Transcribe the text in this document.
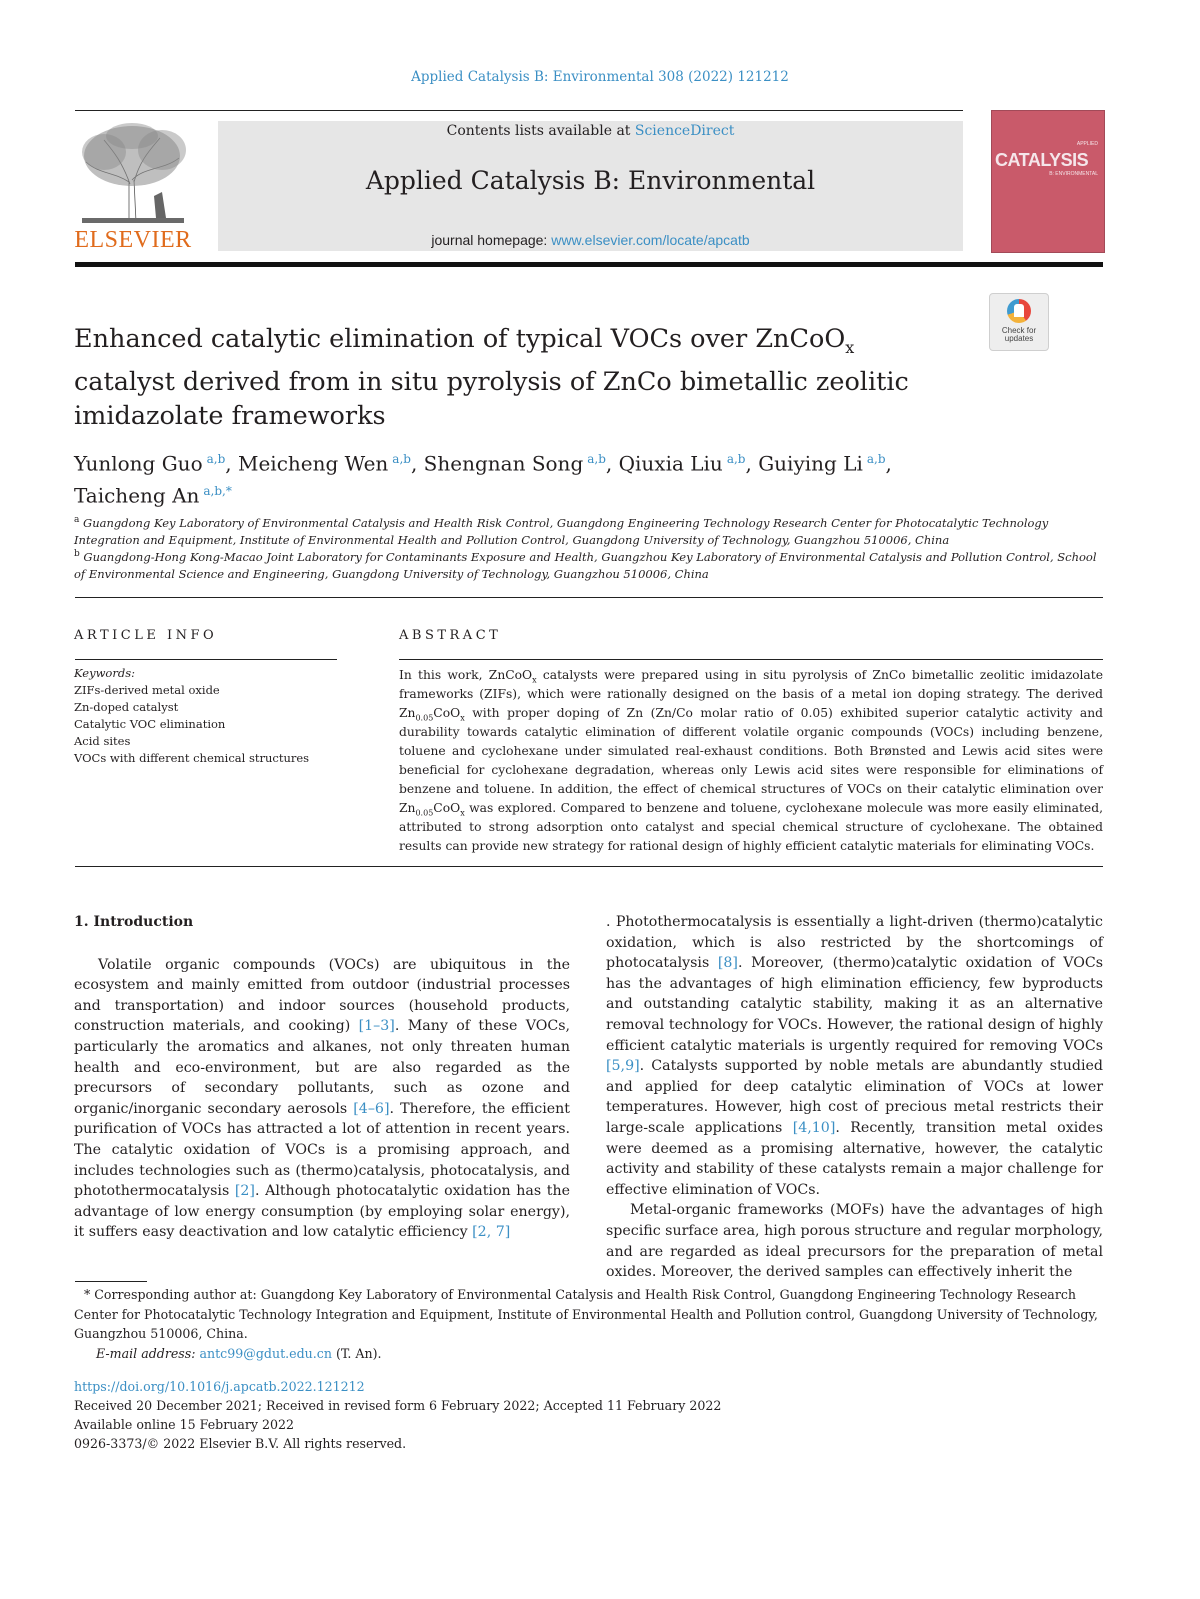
Applied Catalysis B: Environmental 308 (2022) 121212
ELSEVIER
Contents lists available at ScienceDirect
Applied Catalysis B: Environmental
journal homepage: www.elsevier.com/locate/apcatb
APPLIED
CATALYSIS
B: ENVIRONMENTAL
Check for
updates
Enhanced catalytic elimination of typical VOCs over ZnCoO$_x$ catalyst derived from in situ pyrolysis of ZnCo bimetallic zeolitic imidazolate frameworks
Yunlong Guo  $^{a,b}$, Meicheng Wen  $^{a,b}$, Shengnan Song  $^{a,b}$, Qiuxia Liu  $^{a,b}$, Guiying Li  $^{a,b}$,
Taicheng An  $^{a,b,*}$
$^a$ Guangdong Key Laboratory of Environmental Catalysis and Health Risk Control, Guangdong Engineering Technology Research Center for Photocatalytic Technology Integration and Equipment, Institute of Environmental Health and Pollution Control, Guangdong University of Technology, Guangzhou 510006, China
$^b$ Guangdong-Hong Kong-Macao Joint Laboratory for Contaminants Exposure and Health, Guangzhou Key Laboratory of Environmental Catalysis and Pollution Control, School of Environmental Science and Engineering, Guangdong University of Technology, Guangzhou 510006, China
ARTICLE INFO	ABSTRACT
Keywords:
ZIFs-derived metal oxide
Zn-doped catalyst
Catalytic VOC elimination
Acid sites
VOCs with different chemical structures
In this work, ZnCoO$_x$ catalysts were prepared using in situ pyrolysis of ZnCo bimetallic zeolitic imidazolate frameworks (ZIFs), which were rationally designed on the basis of a metal ion doping strategy. The derived $Zn_{0.05}CoO_x$ with proper doping of Zn (Zn/Co molar ratio of 0.05) exhibited superior catalytic activity and durability towards catalytic elimination of different volatile organic compounds (VOCs) including benzene, toluene and cyclohexane under simulated real-exhaust conditions. Both Brønsted and Lewis acid sites were beneficial for cyclohexane degradation, whereas only Lewis acid sites were responsible for eliminations of benzene and toluene. In addition, the effect of chemical structures of VOCs on their catalytic elimination over $Zn_{0.05}CoO_x$ was explored. Compared to benzene and toluene, cyclohexane molecule was more easily eliminated, attributed to strong adsorption onto catalyst and special chemical structure of cyclohexane. The obtained results can provide new strategy for rational design of highly efficient catalytic materials for eliminating VOCs.
1. Introduction

Volatile organic compounds (VOCs) are ubiquitous in the ecosystem and mainly emitted from outdoor (industrial processes and transportation) and indoor sources (household products, construction materials, and cooking) [1–3]. Many of these VOCs, particularly the aromatics and alkanes, not only threaten human health and eco-environment, but are also regarded as the precursors of secondary pollutants, such as ozone and organic/inorganic secondary aerosols [4–6]. Therefore, the efficient purification of VOCs has attracted a lot of attention in recent years. The catalytic oxidation of VOCs is a promising approach, and includes technologies such as (thermo)catalysis, photocatalysis, and photothermocatalysis [2]. Although photocatalytic oxidation has the advantage of low energy consumption (by employing solar energy), it suffers easy deactivation and low catalytic efficiency [2, 7]

. Photothermocatalysis is essentially a light-driven (thermo)catalytic oxidation, which is also restricted by the shortcomings of photocatalysis [8]. Moreover, (thermo)catalytic oxidation of VOCs has the advantages of high elimination efficiency, few byproducts and outstanding catalytic stability, making it as an alternative removal technology for VOCs. However, the rational design of highly efficient catalytic materials is urgently required for removing VOCs [5,9]. Catalysts supported by noble metals are abundantly studied and applied for deep catalytic elimination of VOCs at lower temperatures. However, high cost of precious metal restricts their large-scale applications [4,10]. Recently, transition metal oxides were deemed as a promising alternative, however, the catalytic activity and stability of these catalysts remain a major challenge for effective elimination of VOCs.

Metal-organic frameworks (MOFs) have the advantages of high specific surface area, high porous structure and regular morphology, and are regarded as ideal precursors for the preparation of metal oxides. Moreover, the derived samples can effectively inherit the

* Corresponding author at: Guangdong Key Laboratory of Environmental Catalysis and Health Risk Control, Guangdong Engineering Technology Research Center for Photocatalytic Technology Integration and Equipment, Institute of Environmental Health and Pollution control, Guangdong University of Technology, Guangzhou 510006, China.
E-mail address: antc99@gdut.edu.cn (T. An).
https://doi.org/10.1016/j.apcatb.2022.121212
Received 20 December 2021; Received in revised form 6 February 2022; Accepted 11 February 2022
Available online 15 February 2022
0926-3373/© 2022 Elsevier B.V. All rights reserved.
